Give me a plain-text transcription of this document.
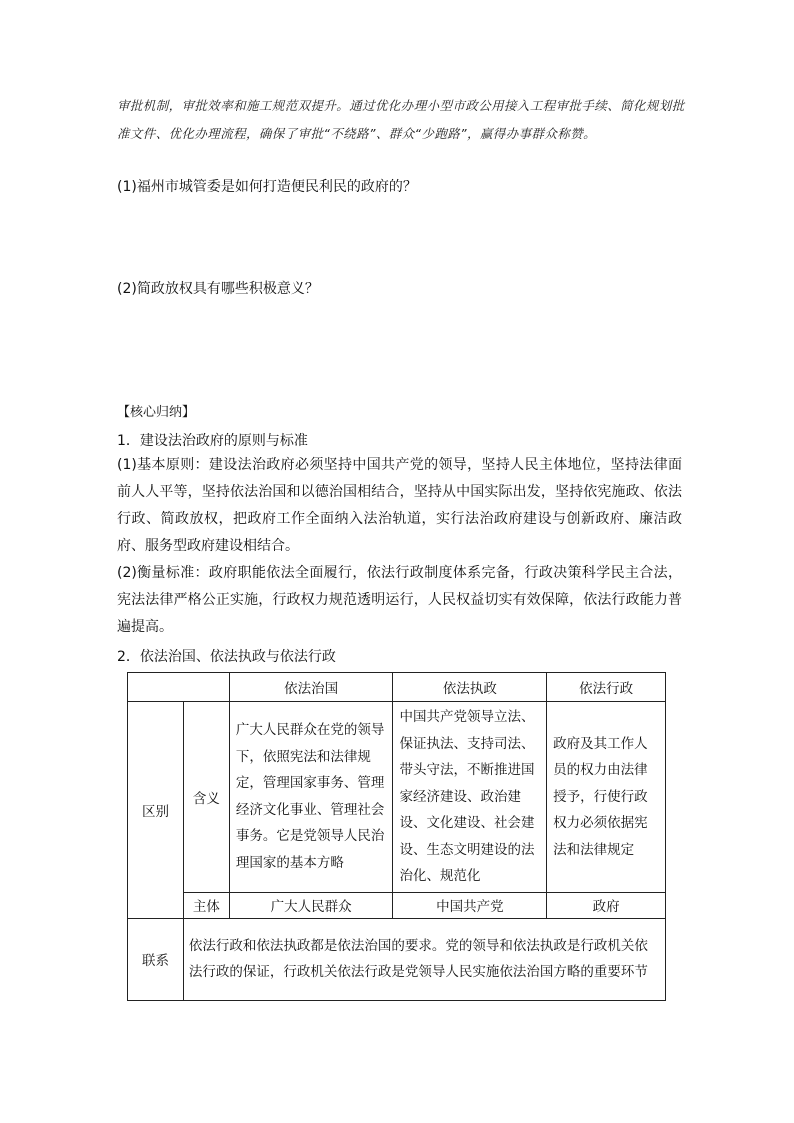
审批机制，审批效率和施工规范双提升。通过优化办理小型市政公用接入工程审批手续、简化规划批准文件、优化办理流程，确保了审批“不绕路”、群众“少跑路”，赢得办事群众称赞。
(1)福州市城管委是如何打造便民利民的政府的？
(2)简政放权具有哪些积极意义？
【核心归纳】
1．建设法治政府的原则与标准
(1)基本原则：建设法治政府必须坚持中国共产党的领导，坚持人民主体地位，坚持法律面前人人平等，坚持依法治国和以德治国相结合，坚持从中国实际出发，坚持依宪施政、依法行政、简政放权，把政府工作全面纳入法治轨道，实行法治政府建设与创新政府、廉洁政府、服务型政府建设相结合。
(2)衡量标准：政府职能依法全面履行，依法行政制度体系完备，行政决策科学民主合法，宪法法律严格公正实施，行政权力规范透明运行，人民权益切实有效保障，依法行政能力普遍提高。
2．依法治国、依法执政与依法行政
		依法治国	依法执政	依法行政
区别	含义	广大人民群众在党的领导下，依照宪法和法律规定，管理国家事务、管理经济文化事业、管理社会事务。它是党领导人民治理国家的基本方略	中国共产党领导立法、保证执法、支持司法、带头守法，不断推进国家经济建设、政治建设、文化建设、社会建设、生态文明建设的法治化、规范化	政府及其工作人员的权力由法律授予，行使行政权力必须依据宪法和法律规定
	主体	广大人民群众	中国共产党	政府
联系	依法行政和依法执政都是依法治国的要求。党的领导和依法执政是行政机关依法行政的保证，行政机关依法行政是党领导人民实施依法治国方略的重要环节			
